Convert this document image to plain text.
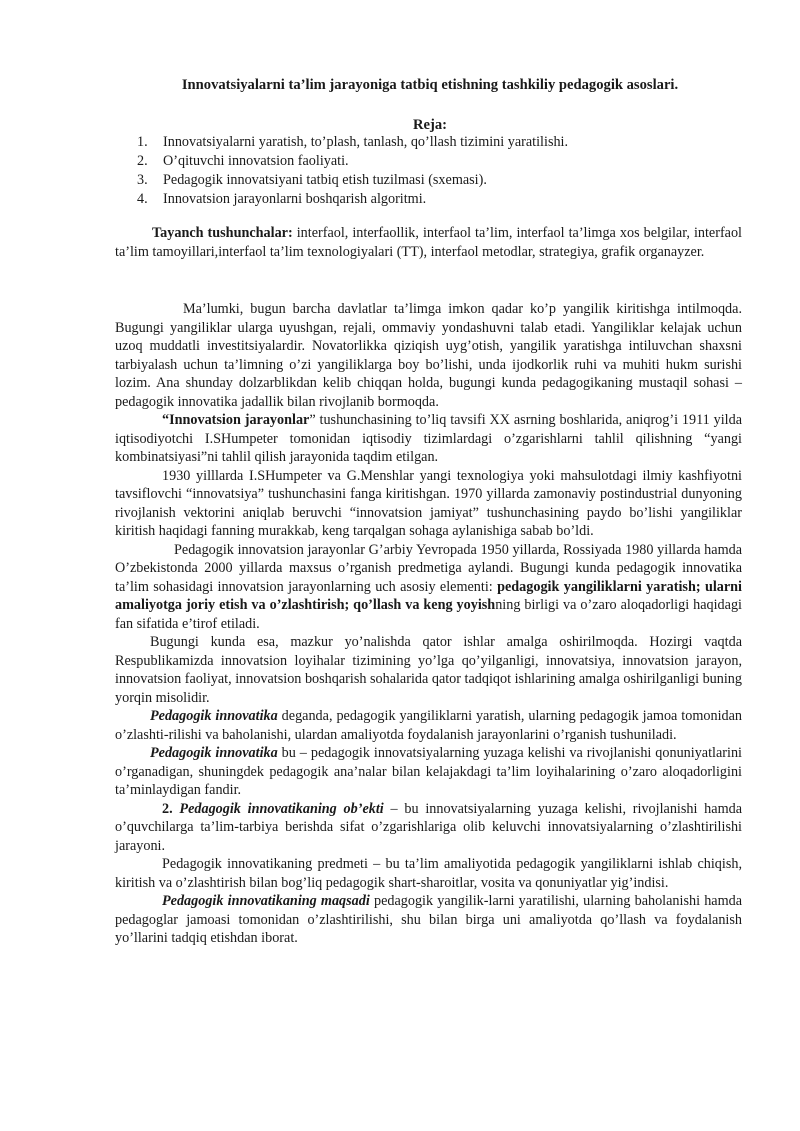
Innovatsiyalarni ta’lim jarayoniga tatbiq etishning tashkiliy pedagogik asoslari.
Reja:
1. Innovatsiyalarni yaratish, to’plash, tanlash, qo’llash tizimini yaratilishi.
2. O’qituvchi innovatsion faoliyati.
3. Pedagogik innovatsiyani tatbiq etish tuzilmasi (sxemasi).
4. Innovatsion jarayonlarni boshqarish algoritmi.

Tayanch tushunchalar: interfaol, interfaollik, interfaol ta’lim, interfaol ta’limga xos belgilar, interfaol ta’lim tamoyillari,interfaol ta’lim texnologiyalari (TT), interfaol metodlar, strategiya, grafik organayzer.

Ma’lumki, bugun barcha davlatlar ta’limga imkon qadar ko’p yangilik kiritishga intilmoqda. Bugungi yangiliklar ularga uyushgan, rejali, ommaviy yondashuvni talab etadi. Yangiliklar kelajak uchun uzoq muddatli investitsiyalardir. Novatorlikka qiziqish uyg’otish, yangilik yaratishga intiluvchan shaxsni tarbiyalash uchun ta’limning o’zi yangiliklarga boy bo’lishi, unda ijodkorlik ruhi va muhiti hukm surishi lozim. Ana shunday dolzarblikdan kelib chiqqan holda, bugungi kunda pedagogikaning mustaqil sohasi – pedagogik innovatika jadallik bilan rivojlanib bormoqda.

“Innovatsion jarayonlar” tushunchasining to’liq tavsifi XX asrning boshlarida, aniqrog’i 1911 yilda iqtisodiyotchi I.SHumpeter tomonidan iqtisodiy tizimlardagi o’zgarishlarni tahlil qilishning “yangi kombinatsiyasi”ni tahlil qilish jarayonida taqdim etilgan.

1930 yilllarda I.SHumpeter va G.Menshlar yangi texnologiya yoki mahsulotdagi ilmiy kashfiyotni tavsiflovchi “innovatsiya” tushunchasini fanga kiritishgan. 1970 yillarda zamonaviy postindustrial dunyoning rivojlanish vektorini aniqlab beruvchi “innovatsion jamiyat” tushunchasining paydo bo’lishi yangiliklar kiritish haqidagi fanning murakkab, keng tarqalgan sohaga aylanishiga sabab bo’ldi.

Pedagogik innovatsion jarayonlar G’arbiy Yevropada 1950 yillarda, Rossiyada 1980 yillarda hamda O’zbekistonda 2000 yillarda maxsus o’rganish predmetiga aylandi. Bugungi kunda pedagogik innovatika ta’lim sohasidagi innovatsion jarayonlarning uch asosiy elementi: pedagogik yangiliklarni yaratish; ularni amaliyotga joriy etish va o’zlashtirish; qo’llash va keng yoyishning birligi va o’zaro aloqadorligi haqidagi fan sifatida e’tirof etiladi.

Bugungi kunda esa, mazkur yo’nalishda qator ishlar amalga oshirilmoqda. Hozirgi vaqtda Respublikamizda innovatsion loyihalar tizimining yo’lga qo’yilganligi, innovatsiya, innovatsion jarayon, innovatsion faoliyat, innovatsion boshqarish sohalarida qator tadqiqot ishlarining amalga oshirilganligi buning yorqin misolidir.

Pedagogik innovatika deganda, pedagogik yangiliklarni yaratish, ularning pedagogik jamoa tomonidan o’zlashti-rilishi va baholanishi, ulardan amaliyotda foydalanish jarayonlarini o’rganish tushuniladi.

Pedagogik innovatika bu – pedagogik innovatsiyalarning yuzaga kelishi va rivojlanishi qonuniyatlarini o’rganadigan, shuningdek pedagogik ana’nalar bilan kelajakdagi ta’lim loyihalarining o’zaro aloqadorligini ta’minlaydigan fandir.

2. Pedagogik innovatikaning ob’ekti – bu innovatsiyalarning yuzaga kelishi, rivojlanishi hamda o’quvchilarga ta’lim-tarbiya berishda sifat o’zgarishlariga olib keluvchi innovatsiyalarning o’zlashtirilishi jarayoni.

Pedagogik innovatikaning predmeti – bu ta’lim amaliyotida pedagogik yangiliklarni ishlab chiqish, kiritish va o’zlashtirish bilan bog’liq pedagogik shart-sharoitlar, vosita va qonuniyatlar yig’indisi.

Pedagogik innovatikaning maqsadi pedagogik yangilik-larni yaratilishi, ularning baholanishi hamda pedagoglar jamoasi tomonidan o’zlashtirilishi, shu bilan birga uni amaliyotda qo’llash va foydalanish yo’llarini tadqiq etishdan iborat.
